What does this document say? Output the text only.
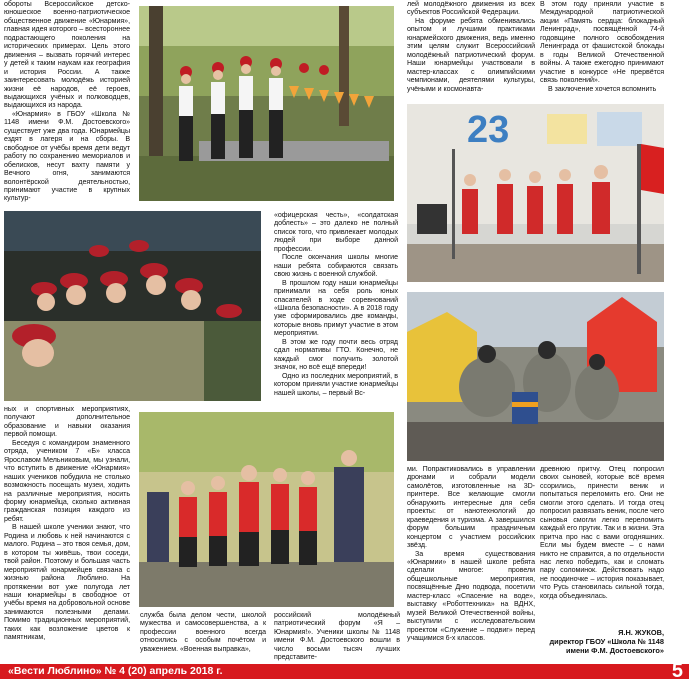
обороты Всероссийское детско-юношеское военно-патриотическое общественное движение «Юнармия», главная идея которого – всестороннее подрастающего поколения на исторических примерах. Цель этого движения – вызвать горячий интерес у детей к таким наукам как география и история России. А также заинтересовать молодёжь историей жизни её народов, её героев, выдающихся учёных и полководцев, выдающихся из народа.

«Юнармия» в ГБОУ «Школа № 1148 имени Ф.М. Достоевского» существует уже два года. Юнармейцы ездят в лагеря и на сборы. В свободное от учёбы время дети ведут работу по сохранению мемориалов и обелисков, несут вахту памяти у Вечного огня, занимаются волонтёрской деятельностью, принимают участие в крупных культур-

ных и спортивных мероприятиях, получают дополнительное образование и навыки оказания первой помощи.

Беседуя с командиром знаменного отряда, учеником 7 «Б» класса Ярославом Мельниковым, мы узнали, что вступить в движение «Юнармия» наших учеников побудила не столько возможность посещать музеи, ходить на различные мероприятия, носить форму юнармейца, сколько активная гражданская позиция каждого из ребят.

В нашей школе ученики знают, что Родина и любовь к ней начинаются с малого. Родина – это твоя семья, дом, в котором ты живёшь, твои соседи, твой район. Поэтому и большая часть мероприятий юнармейцев связана с жизнью района Люблино. На протяжении вот уже полугода лет наши юнармейцы в свободное от учёбы время на добровольной основе занимаются полезными делами. Помимо традиционных мероприятий, таких как возложение цветов к памятникам,

«офицерская честь», «солдатская доблесть» – это далеко не полный список того, что привлекает молодых людей при выборе данной профессии.

После окончания школы многие наши ребята собираются связать свою жизнь с военной службой.

В прошлом году наши юнармейцы принимали на себя роль юных спасателей в ходе соревнований «Школа безопасности». А в 2018 году уже сформировались две команды, которые вновь примут участие в этом мероприятии.

В этом же году почти весь отряд сдал нормативы ГТО. Конечно, не каждый смог получить золотой значок, но всё ещё впереди!

Одно из последних мероприятий, в котором приняли участие юнармейцы нашей школы, – первый Вс-

служба была делом чести, школой мужества и самосовершенства, а к профессии военного всегда относились с особым почётом и уважением. «Военная выправка»,

российский молодёжный патриотический форум «Я – Юнармия!». Ученики школы № 1148 имени Ф.М. Достоевского вошли в число восьми тысяч лучших представите-

лей молодёжного движения из всех субъектов Российской Федерации.

На форуме ребята обменивались опытом и лучшими практиками юнармейского движения, ведь именно этим целям служит Всероссийский молодёжный патриотический форум. Наши юнармейцы участвовали в мастер-классах с олимпийскими чемпионами, деятелями культуры, учёными и космонавта-

В этом году приняли участие в Международной патриотической акции «Память сердца: блокадный Ленинград», посвящённой 74-й годовщине полного освобождения Ленинграда от фашистской блокады в годы Великой Отечественной войны. А также ежегодно принимают участие в конкурсе «Не прервётся связь поколений».

В заключение хочется вспомнить

ми. Попрактиковались в управлении дронами и собрали модели самолётов, изготовленные на 3D-принтере. Все желающие смогли обнаружить интересные для себя проекты: от нанотехнологий до краеведения и туризма. А завершился форум большим праздничным концертом с участием российских звёзд.

За время существования «Юнармии» в нашей школе ребята сделали многое: провели общешкольные мероприятия, посвящённые Дню подвода, посетили мастер-класс «Спасение на воде», выставку «Роботтехника» на ВДНХ, музей Великой Отечественной войны, выступили с исследовательским проектом «Служение – подвиг» перед учащимися 6-х классов.

древнюю притчу. Отец попросил своих сыновей, которые всё время ссорились, принести веник и попытаться переломить его. Они не смогли этого сделать. И тогда отец попросил развязать веник, после чего сыновья смогли легко переломить каждый его прутик. Так и в жизни. Эта притча про нас с вами огодняшних. Если мы будем вместе – с нами никто не справится, а по отдельности нас легко победить, как и сломать пару соломинок. Действовать надо не поодиночке – история показывает, что Русь становилась сильной тогда, когда объединялась.

Я.Н. ЖУКОВ,
директор ГБОУ «Школа № 1148
имени Ф.М. Достоевского»
23
«Вести Люблино» № 4 (20) апрель 2018 г.	5
